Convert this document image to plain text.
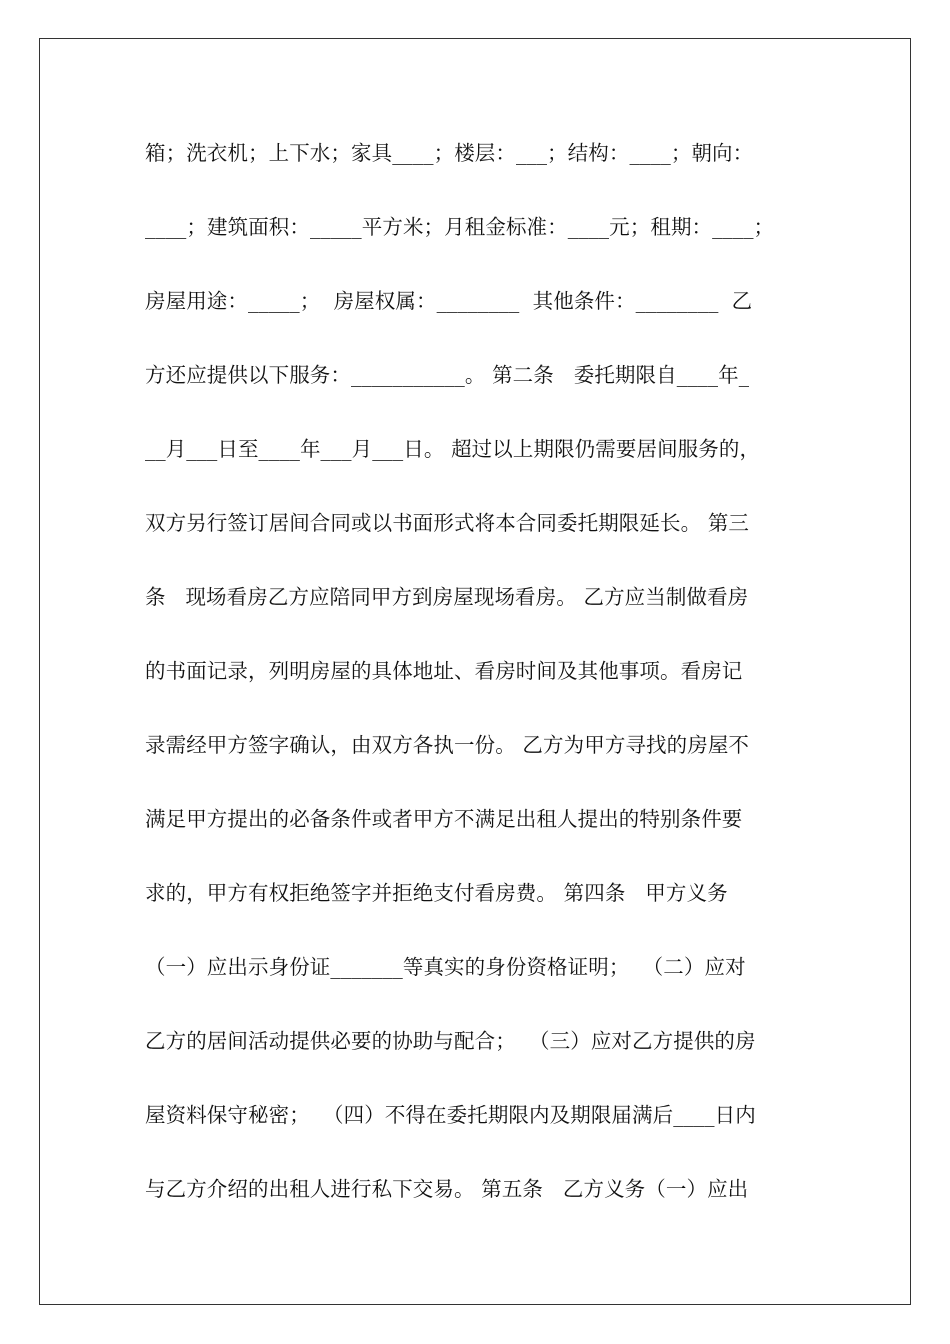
箱；洗衣机；上下水；家具____；楼层：___；结构：____；朝向：
____；建筑面积：_____平方米；月租金标准：____元；租期：____；
房屋用途：_____；  房屋权属：________  其他条件：________  乙
方还应提供以下服务：___________。 第二条   委托期限自____年_
__月___日至____年___月___日。 超过以上期限仍需要居间服务的，
双方另行签订居间合同或以书面形式将本合同委托期限延长。 第三
条   现场看房乙方应陪同甲方到房屋现场看房。 乙方应当制做看房
的书面记录，列明房屋的具体地址、看房时间及其他事项。看房记
录需经甲方签字确认，由双方各执一份。 乙方为甲方寻找的房屋不
满足甲方提出的必备条件或者甲方不满足出租人提出的特别条件要
求的，甲方有权拒绝签字并拒绝支付看房费。 第四条   甲方义务
（一）应出示身份证_______等真实的身份资格证明；  （二）应对
乙方的居间活动提供必要的协助与配合；  （三）应对乙方提供的房
屋资料保守秘密；  （四）不得在委托期限内及期限届满后____日内
与乙方介绍的出租人进行私下交易。 第五条   乙方义务（一）应出
